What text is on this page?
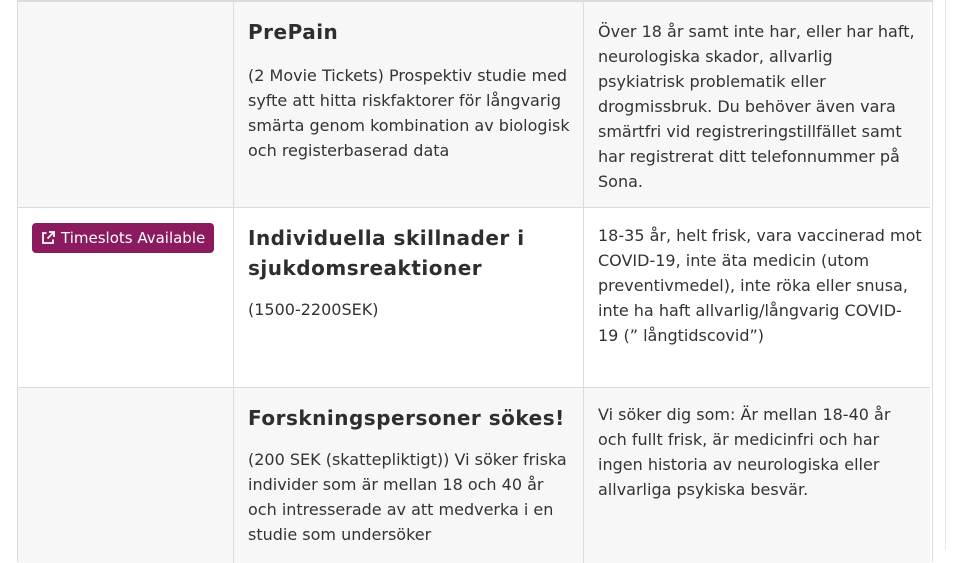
PrePain
(2 Movie Tickets) Prospektiv studie med syfte att hitta riskfaktorer för långvarig smärta genom kombination av biologisk och registerbaserad data
Över 18 år samt inte har, eller har haft, neurologiska skador, allvarlig psykiatrisk problematik eller drogmissbruk. Du behöver även vara smärtfri vid registreringstillfället samt har registrerat ditt telefonnummer på Sona.
Timeslots Available Individuella skillnader i sjukdomsreaktioner
(1500-2200SEK)
18-35 år, helt frisk, vara vaccinerad mot COVID-19, inte äta medicin (utom preventivmedel), inte röka eller snusa, inte ha haft allvarlig/långvarig COVID-19 (” långtidscovid”)
Forskningspersoner sökes!
(200 SEK (skattepliktigt)) Vi söker friska individer som är mellan 18 och 40 år och intresserade av att medverka i en studie som undersöker
Vi söker dig som: Är mellan 18-40 år och fullt frisk, är medicinfri och har ingen historia av neurologiska eller allvarliga psykiska besvär.
